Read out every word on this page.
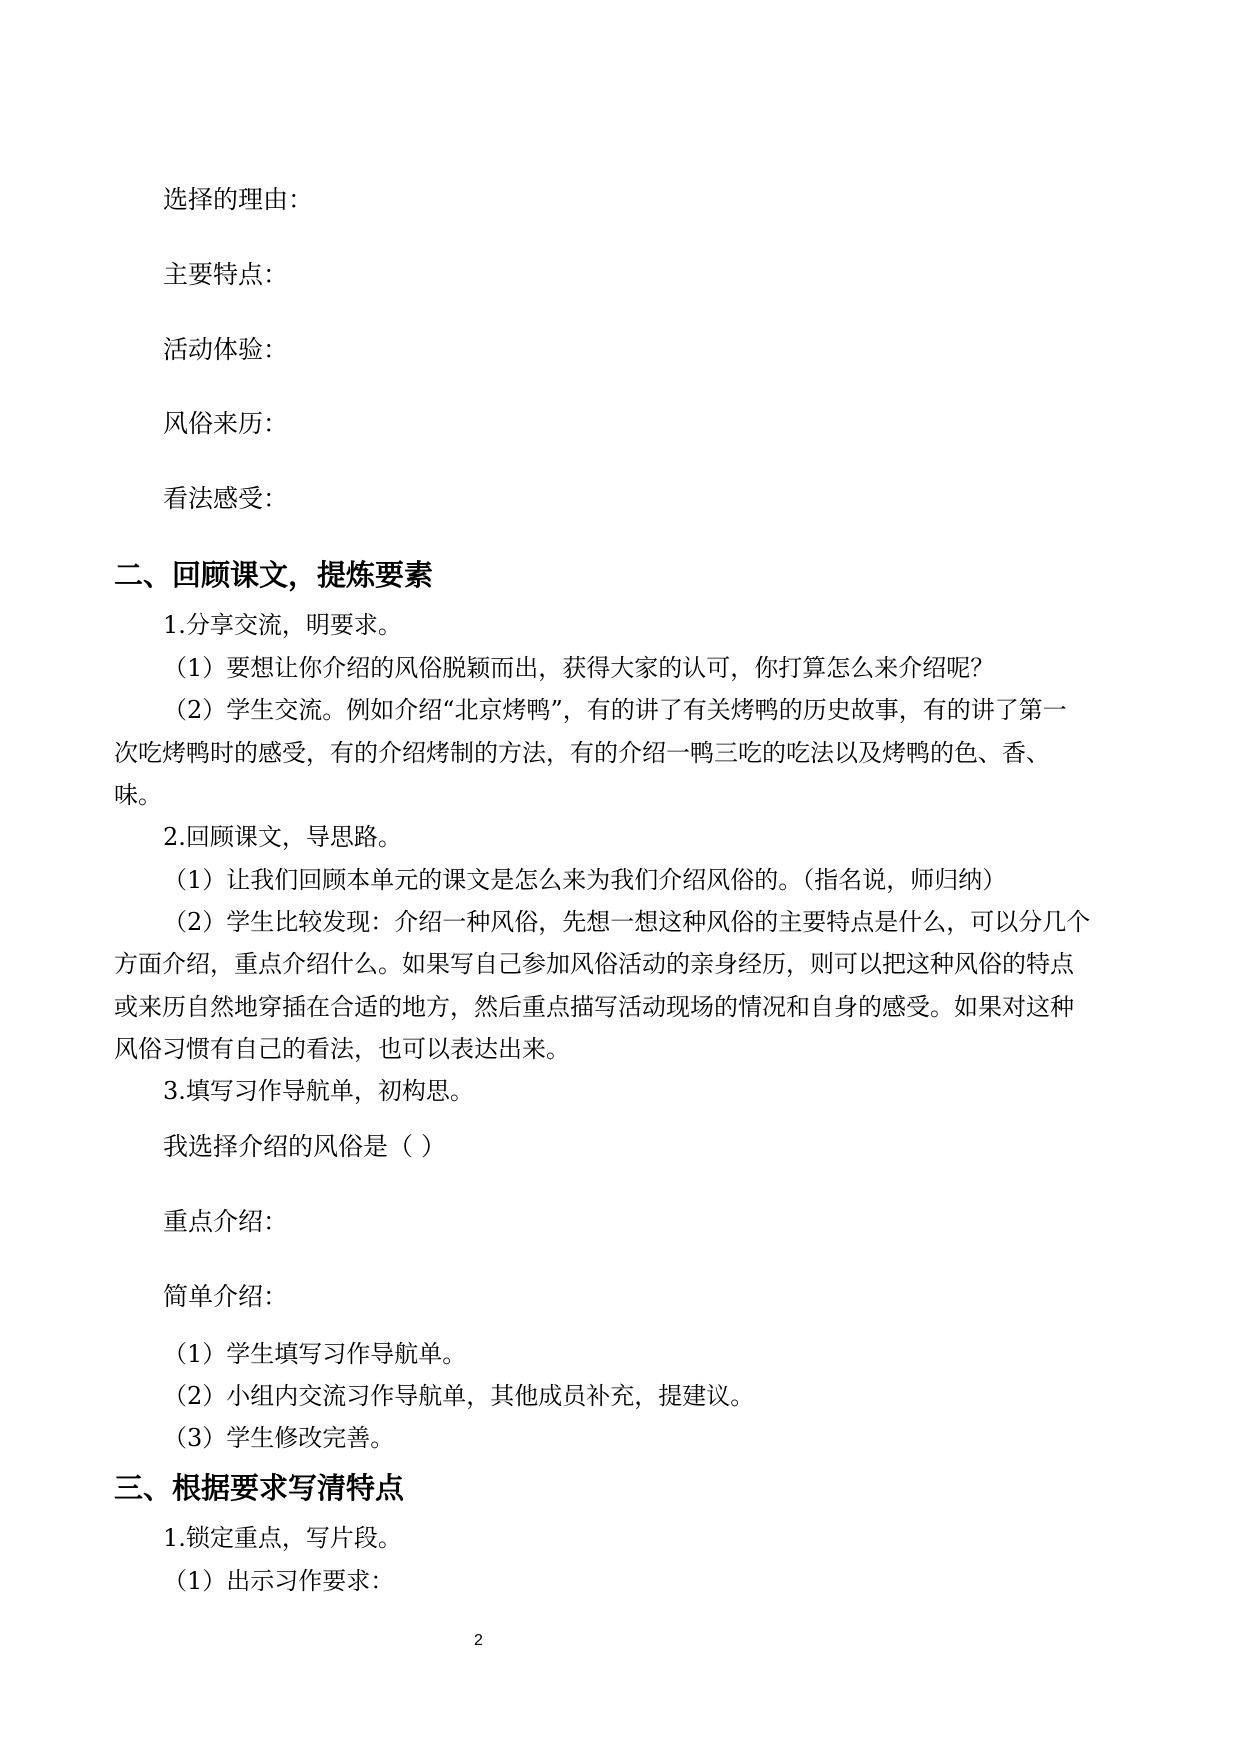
选择的理由：
主要特点：
活动体验：
风俗来历：
看法感受：
二、回顾课文，提炼要素
1.分享交流，明要求。
（1）要想让你介绍的风俗脱颖而出，获得大家的认可，你打算怎么来介绍呢？
（2）学生交流。例如介绍“北京烤鸭”，有的讲了有关烤鸭的历史故事，有的讲了第一
次吃烤鸭时的感受，有的介绍烤制的方法，有的介绍一鸭三吃的吃法以及烤鸭的色、香、
味。
2.回顾课文，导思路。
（1）让我们回顾本单元的课文是怎么来为我们介绍风俗的。（指名说，师归纳）
（2）学生比较发现：介绍一种风俗，先想一想这种风俗的主要特点是什么，可以分几个
方面介绍，重点介绍什么。如果写自己参加风俗活动的亲身经历，则可以把这种风俗的特点
或来历自然地穿插在合适的地方，然后重点描写活动现场的情况和自身的感受。如果对这种
风俗习惯有自己的看法，也可以表达出来。
3.填写习作导航单，初构思。
我选择介绍的风俗是（ ）
重点介绍：
简单介绍：
（1）学生填写习作导航单。
（2）小组内交流习作导航单，其他成员补充，提建议。
（3）学生修改完善。
三、根据要求写清特点
1.锁定重点，写片段。
（1）出示习作要求：
2
